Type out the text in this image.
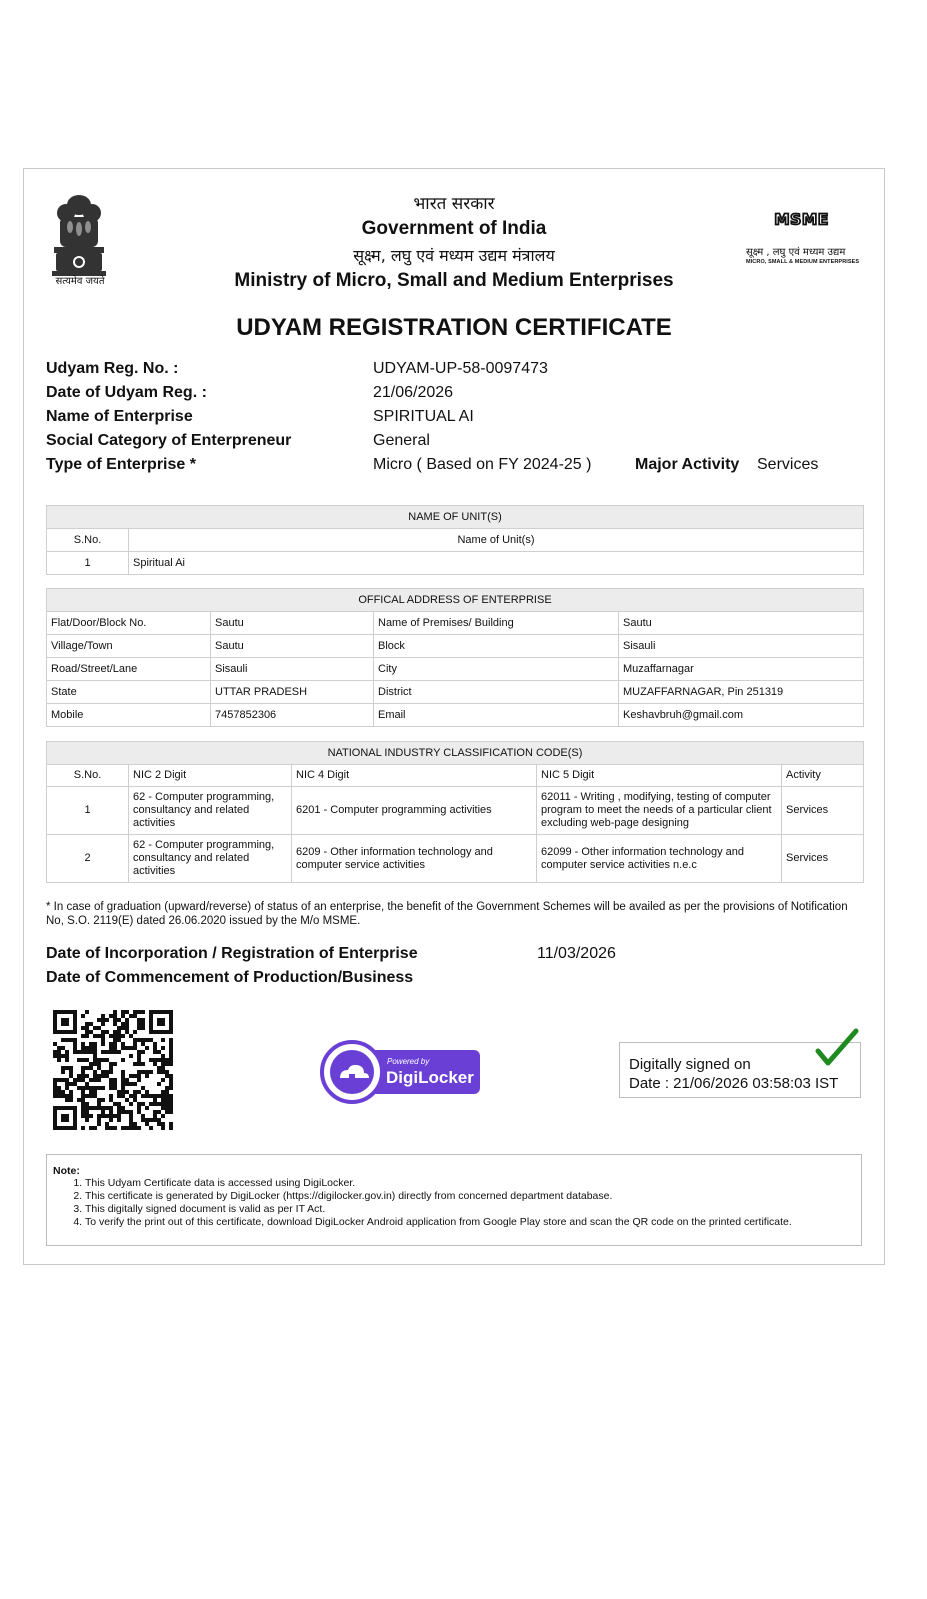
सत्यमेव जयते
भारत सरकार
Government of India
सूक्ष्म, लघु एवं मध्यम उद्यम मंत्रालय
Ministry of Micro, Small and Medium Enterprises
MSME
सूक्ष्म , लघु एवं मध्यम उद्यम
MICRO, SMALL & MEDIUM ENTERPRISES
UDYAM REGISTRATION CERTIFICATE
Udyam Reg. No. :	UDYAM-UP-58-0097473
Date of Udyam Reg. :	21/06/2026
Name of Enterprise	SPIRITUAL AI
Social Category of Enterpreneur	General
Type of Enterprise *	Micro ( Based on FY 2024-25 )	Major Activity Services
NAME OF UNIT(S)	
S.No.	Name of Unit(s)
1	Spiritual Ai
OFFICAL ADDRESS OF ENTERPRISE			
Flat/Door/Block No.	Sautu	Name of Premises/ Building	Sautu
Village/Town	Sautu	Block	Sisauli
Road/Street/Lane	Sisauli	City	Muzaffarnagar
State	UTTAR PRADESH	District	MUZAFFARNAGAR, Pin 251319
Mobile	7457852306	Email	Keshavbruh@gmail.com
NATIONAL INDUSTRY CLASSIFICATION CODE(S)				
S.No.	NIC 2 Digit	NIC 4 Digit	NIC 5 Digit	Activity
1	62 - Computer programming, consultancy and related activities	6201 - Computer programming activities	62011 - Writing , modifying, testing of computer program to meet the needs of a particular client excluding web-page designing	Services
2	62 - Computer programming, consultancy and related activities	6209 - Other information technology and computer service activities	62099 - Other information technology and computer service activities n.e.c	Services
* In case of graduation (upward/reverse) of status of an enterprise, the benefit of the Government Schemes will be availed as per the provisions of Notification No, S.O. 2119(E) dated 26.06.2020 issued by the M/o MSME.
Date of Incorporation / Registration of Enterprise	11/03/2026
Date of Commencement of Production/Business
Powered by
DigiLocker
Digitally signed on
Date : 21/06/2026 03:58:03 IST
Note:
1. This Udyam Certificate data is accessed using DigiLocker.
2. This certificate is generated by DigiLocker (https://digilocker.gov.in) directly from concerned department database.
3. This digitally signed document is valid as per IT Act.
4. To verify the print out of this certificate, download DigiLocker Android application from Google Play store and scan the QR code on the printed certificate.
